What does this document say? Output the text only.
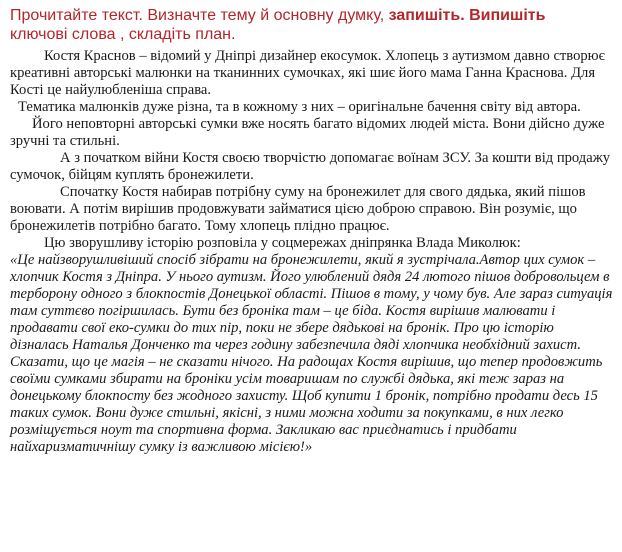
Прочитайте текст. Визначте тему й основну думку, запишіть. Випишіть
ключові слова , складіть план.

Костя Краснов – відомий у Дніпрі дизайнер екосумок. Хлопець з аутизмом давно створює креативні авторські малюнки на тканинних сумочках, які шиє його мама Ганна Краснова. Для Кості це найулюбленіша справа.

Тематика малюнків дуже різна, та в кожному з них – оригінальне бачення світу від автора.

Його неповторні авторські сумки вже носять багато відомих людей міста. Вони дійсно дуже зручні та стильні.

А з початком війни Костя своєю творчістю допомагає воїнам ЗСУ. За кошти від продажу сумочок, бійцям куплять бронежилети.

Спочатку Костя набирав потрібну суму на бронежилет для свого дядька, який пішов воювати. А потім вирішив продовжувати займатися цією доброю справою. Він розуміє, що бронежилетів потрібно багато. Тому хлопець плідно працює.

Цю зворушливу історію розповіла у соцмережах дніпрянка Влада Миколюк:

«Це найзворушливіший спосіб зібрати на бронежилети, який я зустрічала.Автор цих сумок – хлопчик Костя з Дніпра. У нього аутизм. Його улюблений дядя 24 лютого пішов добровольцем в терборону одного з блокпостів Донецької області. Пішов в тому, у чому був. Але зараз ситуація там суттєво погіршилась. Бути без броніка там – це біда. Костя вирішив малювати і продавати свої еко-сумки до тих пір, поки не збере дядькові на бронік. Про цю історію дізналась Наталья Донченко та через годину забезпечила дяді хлопчика необхідний захист. Сказати, що це магія – не сказати нічого. На радощах Костя вирішив, що тепер продовжить своїми сумками збирати на броніки усім товаришам по службі дядька, які теж зараз на донецькому блокпосту без жодного захисту. Щоб купити 1 бронік, потрібно продати десь 15 таких сумок. Вони дуже стильні, якісні, з ними можна ходити за покупками, в них легко розміщується ноут та спортивна форма. Закликаю вас приєднатись і придбати найхаризматичнішу сумку із важливою місією!»
